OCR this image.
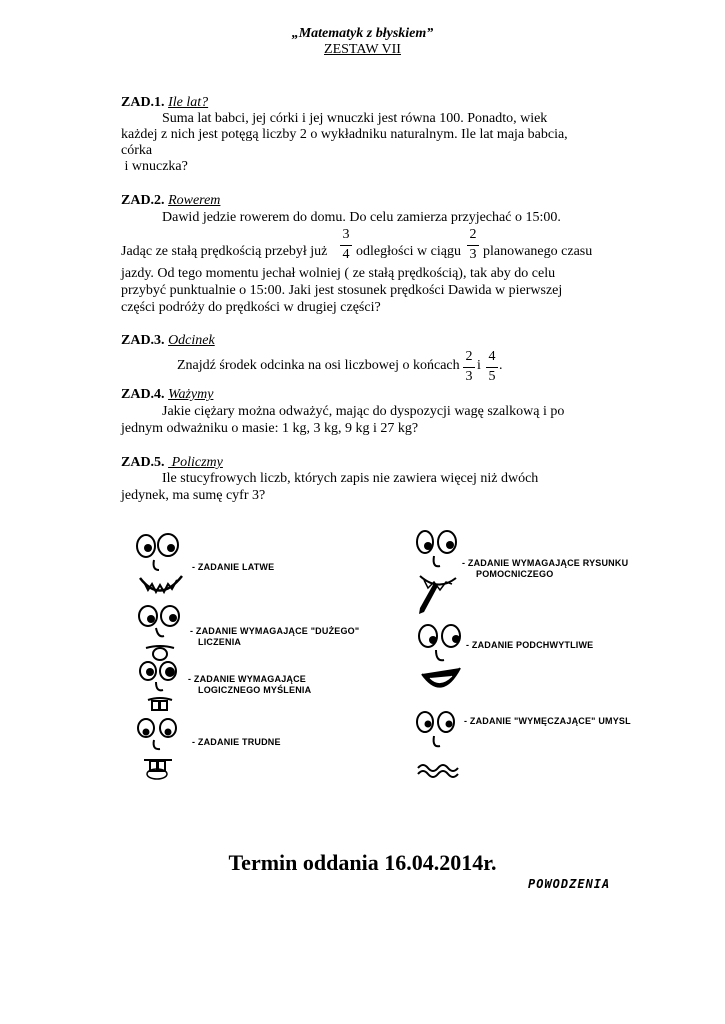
„Matematyk z błyskiem”
ZESTAW VII
ZAD.1. Ile lat?
Suma lat babci, jej córki i jej wnuczki jest równa 100. Ponadto, wiek
każdej z nich jest potęgą liczby 2 o wykładniku naturalnym. Ile lat maja babcia,
córka
i wnuczka?
ZAD.2. Rowerem
Dawid jedzie rowerem do domu. Do celu zamierza przyjechać o 15:00.
Jadąc ze stałą prędkością przebył już
3
4 odległości w ciągu
2
3 planowanego czasu
jazdy. Od tego momentu jechał wolniej ( ze stałą prędkością), tak aby do celu
przybyć punktualnie o 15:00. Jaki jest stosunek prędkości Dawida w pierwszej
części podróży do prędkości w drugiej części?
ZAD.3. Odcinek
Znajdź środek odcinka na osi liczbowej o końcach
2
3
i
4
5
.
ZAD.4. Ważymy
Jakie ciężary można odważyć, mając do dyspozycji wagę szalkową i po
jednym odważniku o masie: 1 kg, 3 kg, 9 kg i 27 kg?
ZAD.5.  Policzmy
Ile stucyfrowych liczb, których zapis nie zawiera więcej niż dwóch
jedynek, ma sumę cyfr 3?
- ZADANIE LATWE
- ZADANIE WYMAGAJĄCE "DUŻEGO"
LICZENIA
- ZADANIE WYMAGAJĄCE
LOGICZNEGO MYŚLENIA
- ZADANIE TRUDNE
- ZADANIE WYMAGAJĄCE RYSUNKU
POMOCNICZEGO
- ZADANIE PODCHWYTLIWE
- ZADANIE "WYMĘCZAJĄCE" UMYSL
Termin oddania 16.04.2014r.
POWODZENIA
